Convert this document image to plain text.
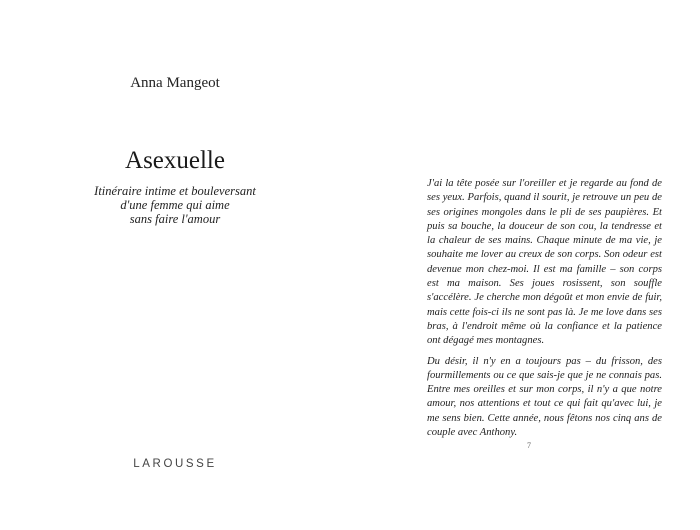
Anna Mangeot
Asexuelle
Itinéraire intime et bouleversant
d'une femme qui aime
sans faire l'amour
LAROUSSE

J'ai la tête posée sur l'oreiller et je regarde au fond de ses yeux. Parfois, quand il sourit, je retrouve un peu de ses origines mongoles dans le pli de ses paupières. Et puis sa bouche, la douceur de son cou, la tendresse et la chaleur de ses mains. Chaque minute de ma vie, je souhaite me lover au creux de son corps. Son odeur est devenue mon chez-moi. Il est ma famille – son corps est ma maison. Ses joues rosissent, son souffle s'accélère. Je cherche mon dégoût et mon envie de fuir, mais cette fois-ci ils ne sont pas là. Je me love dans ses bras, à l'endroit même où la confiance et la patience ont dégagé mes montagnes.

Du désir, il n'y en a toujours pas – du frisson, des fourmillements ou ce que sais-je que je ne connais pas. Entre mes oreilles et sur mon corps, il n'y a que notre amour, nos attentions et tout ce qui fait qu'avec lui, je me sens bien. Cette année, nous fêtons nos cinq ans de couple avec Anthony.

7
